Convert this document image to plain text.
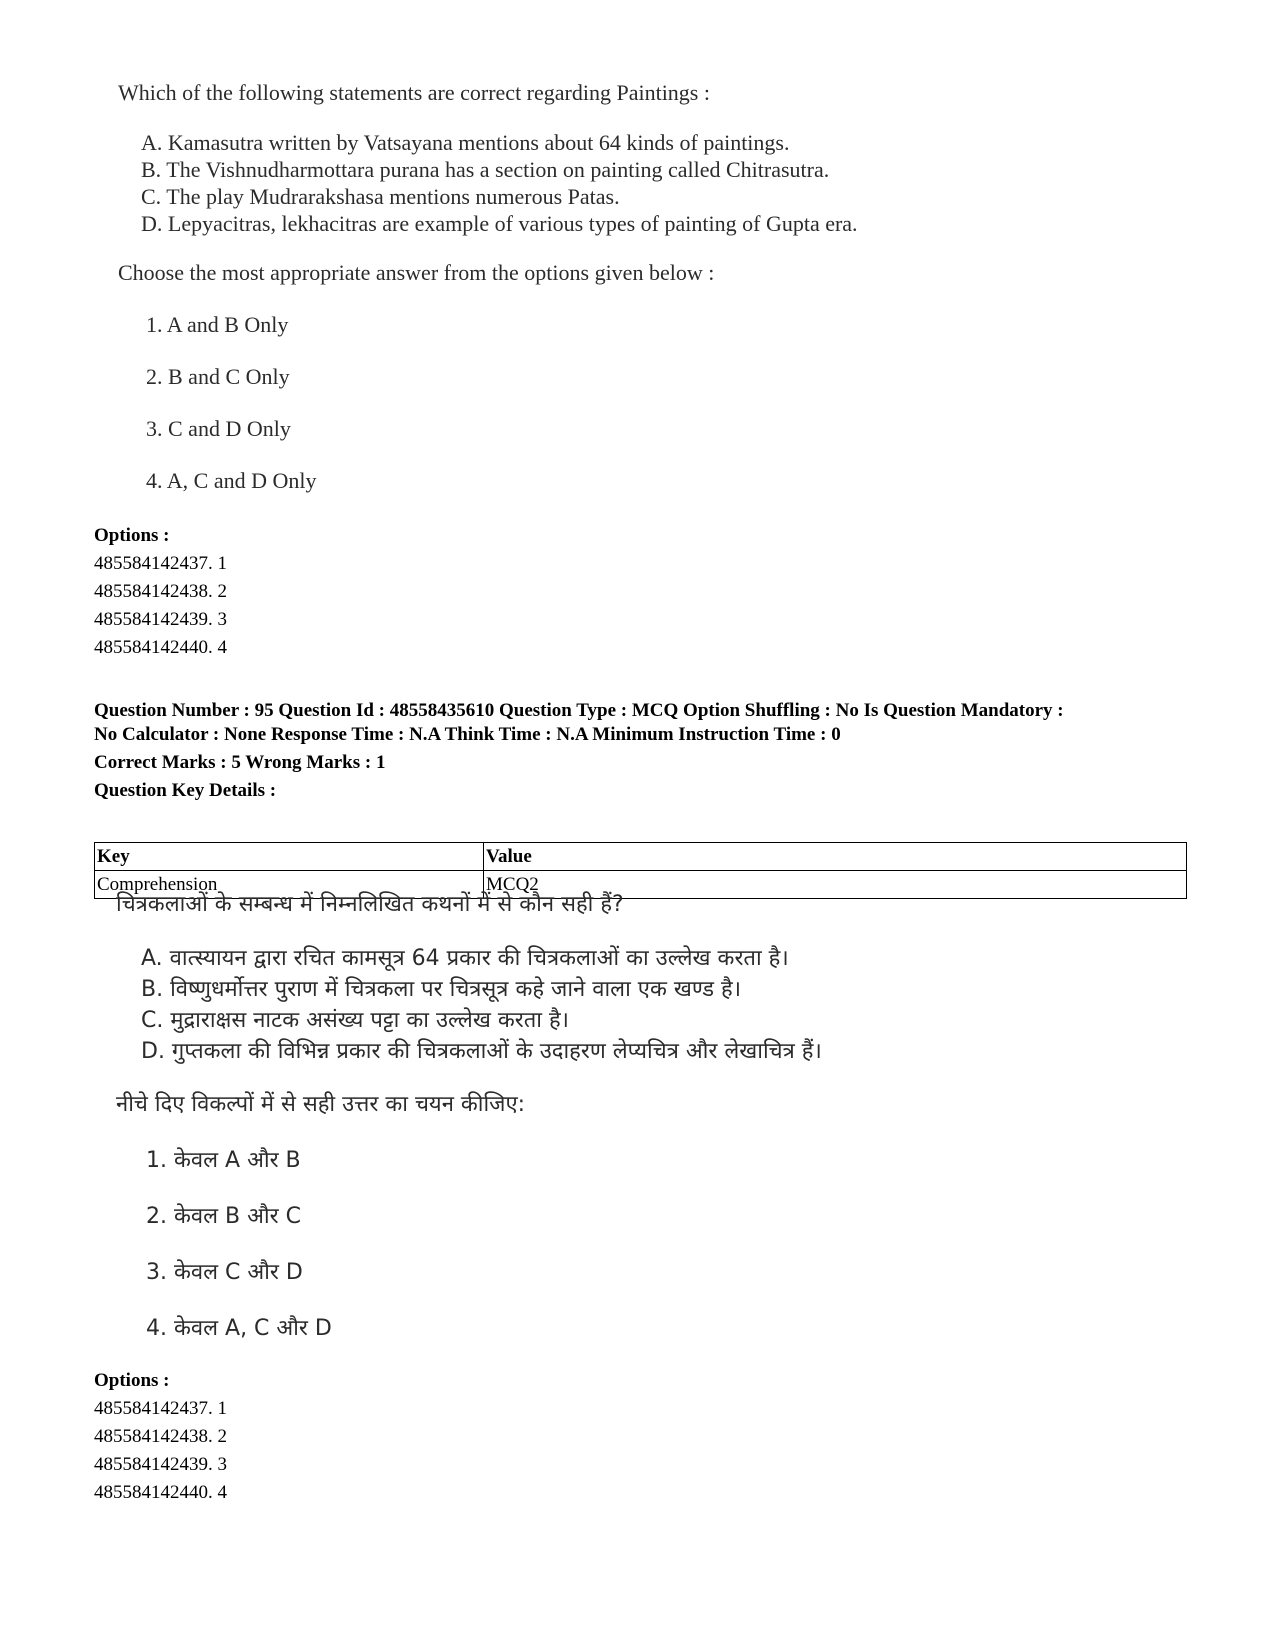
Which of the following statements are correct regarding Paintings :
A. Kamasutra written by Vatsayana mentions about 64 kinds of paintings.
B. The Vishnudharmottara purana has a section on painting called Chitrasutra.
C. The play Mudrarakshasa mentions numerous Patas.
D. Lepyacitras, lekhacitras are example of various types of painting of Gupta era.
Choose the most appropriate answer from the options given below :
1. A and B Only
2. B and C Only
3. C and D Only
4. A, C and D Only
Options :
485584142437. 1
485584142438. 2
485584142439. 3
485584142440. 4
Question Number : 95 Question Id : 48558435610 Question Type : MCQ Option Shuffling : No Is Question Mandatory :
No Calculator : None Response Time : N.A Think Time : N.A Minimum Instruction Time : 0
Correct Marks : 5 Wrong Marks : 1
Question Key Details :
Key	Value
Comprehension	MCQ2
चित्रकलाओं के सम्बन्ध में निम्नलिखित कथनों में से कौन सही हैं?
A. वात्स्यायन द्वारा रचित कामसूत्र 64 प्रकार की चित्रकलाओं का उल्लेख करता है।
B. विष्णुधर्मोत्तर पुराण में चित्रकला पर चित्रसूत्र कहे जाने वाला एक खण्ड है।
C. मुद्राराक्षस नाटक असंख्य पट्टा का उल्लेख करता है।
D. गुप्तकला की विभिन्न प्रकार की चित्रकलाओं के उदाहरण लेप्यचित्र और लेखाचित्र हैं।
नीचे दिए विकल्पों में से सही उत्तर का चयन कीजिए:
1. केवल A और B
2. केवल B और C
3. केवल C और D
4. केवल A, C और D
Options :
485584142437. 1
485584142438. 2
485584142439. 3
485584142440. 4
